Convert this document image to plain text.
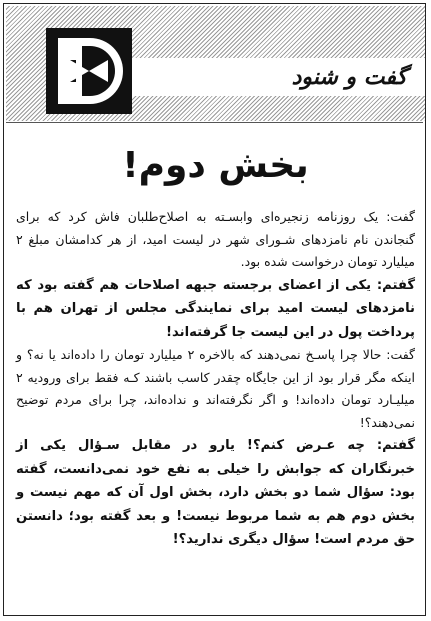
گفت و شنود
بخش دوم!

گفت: یک روزنامه زنجیره‌ای وابسـته به اصلاح‌طلبان فاش کرد که برای گنجاندن نام نامزدهای شـورای شهر در لیست امید، از هر کدامشان مبلغ ۲ میلیارد تومان درخواست شده بود.

گفتم: یکی از اعضای برجسته جبهه اصلاحات هم گفته بود که نامزدهای لیست امید برای نمایندگی مجلس از تهران هم با پرداخت پول در این لیست جا گرفته‌اند!

گفت: حالا چرا پاسـخ نمی‌دهند که بالاخره ۲ میلیارد تومان را داده‌اند یا نه؟ و اینکه مگر قرار بود از این جایگاه چقدر کاسب باشند کـه فقط برای ورودیه ۲ میلیـارد تومان داده‌اند! و اگر نگرفته‌اند و نداده‌اند، چرا برای مردم توضیح نمی‌دهند؟!

گفتم: چه عـرض کنم؟! یارو در مقابل سـؤال یکی از خبرنگاران که جوابش را خیلی به نفع خود نمی‌دانست، گفته بود: سؤال شما دو بخش دارد، بخش اول آن که مهم نیست و بخش دوم هم به شما مربوط نیست! و بعد گفته بود؛ دانستن حق مردم است! سؤال دیگری ندارید؟!
